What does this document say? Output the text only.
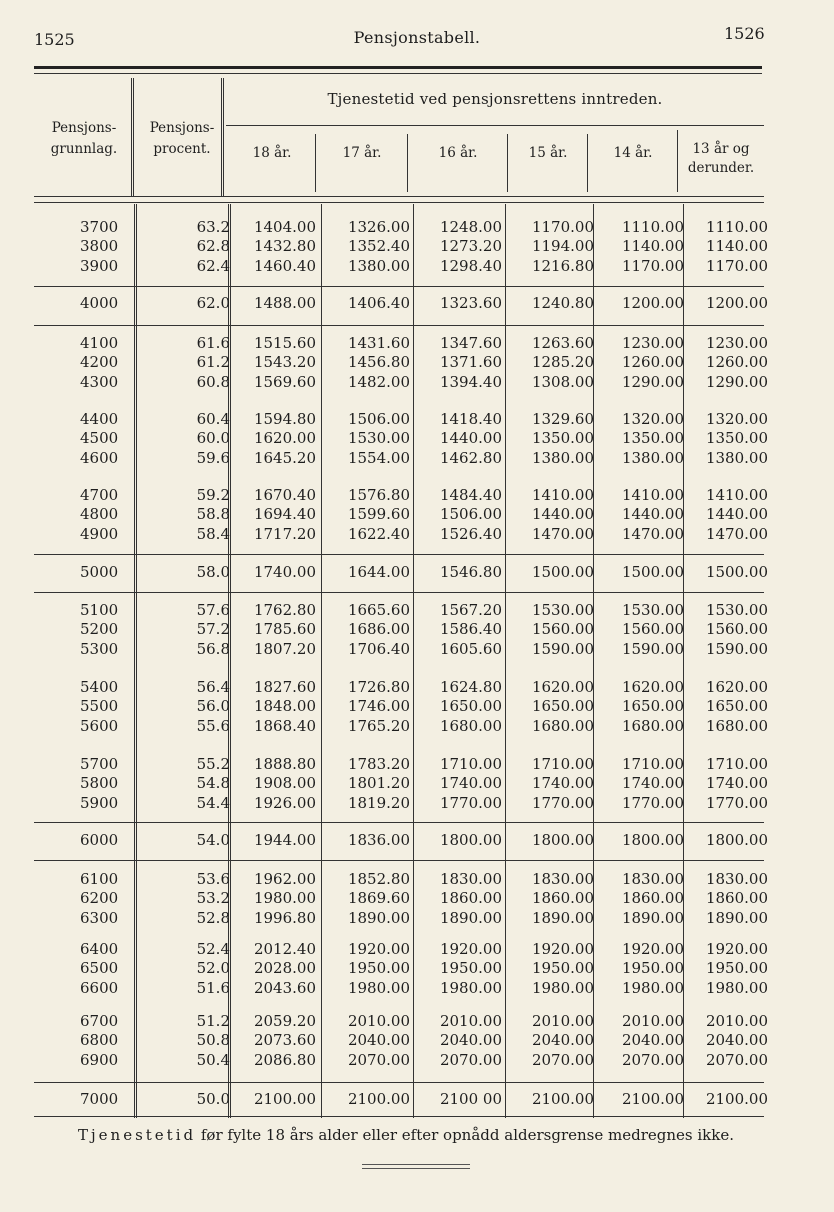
1525	Pensjonstabell.	1526
Pensjons-
grunnlag.
Pensjons-
procent.
Tjenestetid ved pensjonsrettens inntreden.
18 år.	17 år.	16 år.	15 år.	14 år.	13 år og
derunder.
3700	63.2	1404.00	1326.00	1248.00	1170.00	1110.00	1110.00
3800	62.8	1432.80	1352.40	1273.20	1194.00	1140.00	1140.00
3900	62.4	1460.40	1380.00	1298.40	1216.80	1170.00	1170.00
4000	62.0	1488.00	1406.40	1323.60	1240.80	1200.00	1200.00
4100	61.6	1515.60	1431.60	1347.60	1263.60	1230.00	1230.00
4200	61.2	1543.20	1456.80	1371.60	1285.20	1260.00	1260.00
4300	60.8	1569.60	1482.00	1394.40	1308.00	1290.00	1290.00
4400	60.4	1594.80	1506.00	1418.40	1329.60	1320.00	1320.00
4500	60.0	1620.00	1530.00	1440.00	1350.00	1350.00	1350.00
4600	59.6	1645.20	1554.00	1462.80	1380.00	1380.00	1380.00
4700	59.2	1670.40	1576.80	1484.40	1410.00	1410.00	1410.00
4800	58.8	1694.40	1599.60	1506.00	1440.00	1440.00	1440.00
4900	58.4	1717.20	1622.40	1526.40	1470.00	1470.00	1470.00
5000	58.0	1740.00	1644.00	1546.80	1500.00	1500.00	1500.00
5100	57.6	1762.80	1665.60	1567.20	1530.00	1530.00	1530.00
5200	57.2	1785.60	1686.00	1586.40	1560.00	1560.00	1560.00
5300	56.8	1807.20	1706.40	1605.60	1590.00	1590.00	1590.00
5400	56.4	1827.60	1726.80	1624.80	1620.00	1620.00	1620.00
5500	56.0	1848.00	1746.00	1650.00	1650.00	1650.00	1650.00
5600	55.6	1868.40	1765.20	1680.00	1680.00	1680.00	1680.00
5700	55.2	1888.80	1783.20	1710.00	1710.00	1710.00	1710.00
5800	54.8	1908.00	1801.20	1740.00	1740.00	1740.00	1740.00
5900	54.4	1926.00	1819.20	1770.00	1770.00	1770.00	1770.00
6000	54.0	1944.00	1836.00	1800.00	1800.00	1800.00	1800.00
6100	53.6	1962.00	1852.80	1830.00	1830.00	1830.00	1830.00
6200	53.2	1980.00	1869.60	1860.00	1860.00	1860.00	1860.00
6300	52.8	1996.80	1890.00	1890.00	1890.00	1890.00	1890.00
6400	52.4	2012.40	1920.00	1920.00	1920.00	1920.00	1920.00
6500	52.0	2028.00	1950.00	1950.00	1950.00	1950.00	1950.00
6600	51.6	2043.60	1980.00	1980.00	1980.00	1980.00	1980.00
6700	51.2	2059.20	2010.00	2010.00	2010.00	2010.00	2010.00
6800	50.8	2073.60	2040.00	2040.00	2040.00	2040.00	2040.00
6900	50.4	2086.80	2070.00	2070.00	2070.00	2070.00	2070.00
7000	50.0	2100.00	2100.00	2100 00	2100.00	2100.00	2100.00
Tjenestetid før fylte 18 års alder eller efter opnådd aldersgrense medregnes ikke.
